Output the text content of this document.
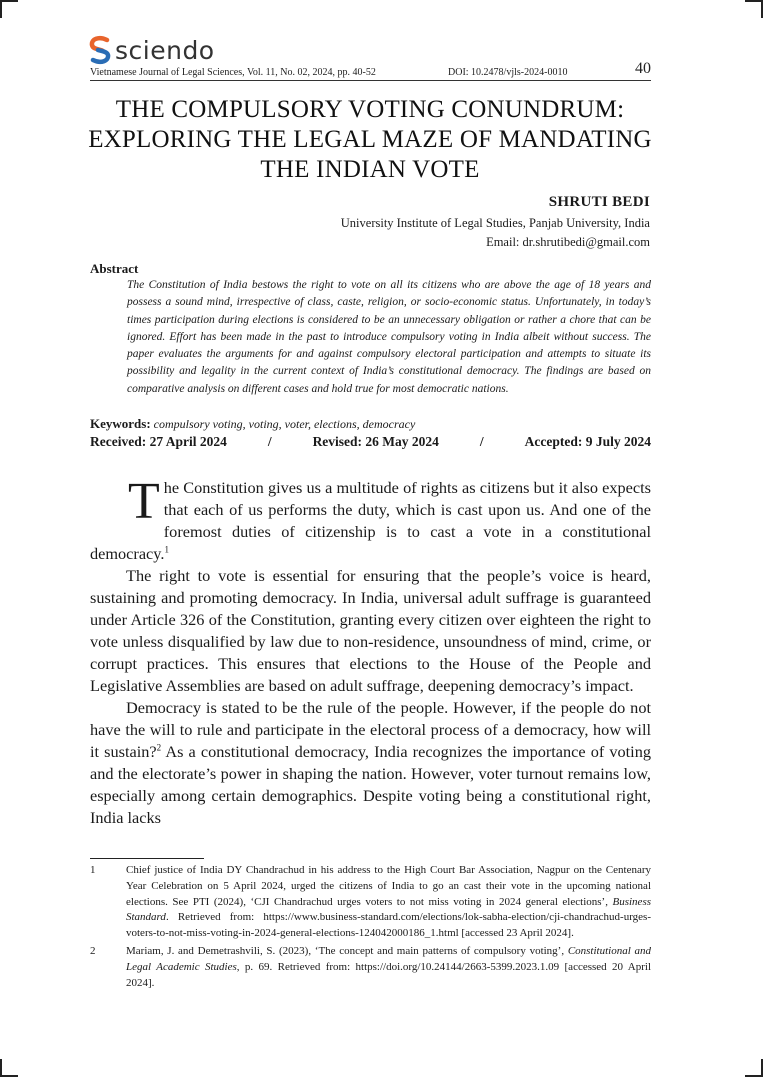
sciendo
Vietnamese Journal of Legal Sciences, Vol. 11, No. 02, 2024, pp. 40-52	DOI: 10.2478/vjls-2024-0010	40
THE COMPULSORY VOTING CONUNDRUM: EXPLORING THE LEGAL MAZE OF MANDATING THE INDIAN VOTE
SHRUTI BEDI
University Institute of Legal Studies, Panjab University, India
Email: dr.shrutibedi@gmail.com
Abstract
The Constitution of India bestows the right to vote on all its citizens who are above the age of 18 years and possess a sound mind, irrespective of class, caste, religion, or socio-economic status. Unfortunately, in today’s times participation during elections is considered to be an unnecessary obligation or rather a chore that can be ignored. Effort has been made in the past to introduce compulsory voting in India albeit without success. The paper evaluates the arguments for and against compulsory electoral participation and attempts to situate its possibility and legality in the current context of India’s constitutional democracy. The findings are based on comparative analysis on different cases and hold true for most democratic nations.
Keywords: compulsory voting, voting, voter, elections, democracy
Received: 27 April 2024	/	Revised: 26 May 2024	/	Accepted: 9 July 2024

The Constitution gives us a multitude of rights as citizens but it also expects that each of us performs the duty, which is cast upon us. And one of the foremost duties of citizenship is to cast a vote in a constitutional democracy.$^1$

The right to vote is essential for ensuring that the people’s voice is heard, sustaining and promoting democracy. In India, universal adult suffrage is guaranteed under Article 326 of the Constitution, granting every citizen over eighteen the right to vote unless disqualified by law due to non-residence, unsoundness of mind, crime, or corrupt practices. This ensures that elections to the House of the People and Legislative Assemblies are based on adult suffrage, deepening democracy’s impact.

Democracy is stated to be the rule of the people. However, if the people do not have the will to rule and participate in the electoral process of a democracy, how will it sustain?$^2$ As a constitutional democracy, India recognizes the importance of voting and the electorate’s power in shaping the nation. However, voter turnout remains low, especially among certain demographics. Despite voting being a constitutional right, India lacks

1	Chief justice of India DY Chandrachud in his address to the High Court Bar Association, Nagpur on the Centenary Year Celebration on 5 April 2024, urged the citizens of India to go an cast their vote in the upcoming national elections. See PTI (2024), ‘CJI Chandrachud urges voters to not miss voting in 2024 general elections’, Business Standard. Retrieved from: https://www.business-standard.com/elections/lok-sabha-election/cji-chandrachud-urges-voters-to-not-miss-voting-in-2024-general-elections-124042000186_1.html [accessed 23 April 2024].
2	Mariam, J. and Demetrashvili, S. (2023), ‘The concept and main patterns of compulsory voting’, Constitutional and Legal Academic Studies, p. 69. Retrieved from: https://doi.org/10.24144/2663-5399.2023.1.09 [accessed 20 April 2024].
